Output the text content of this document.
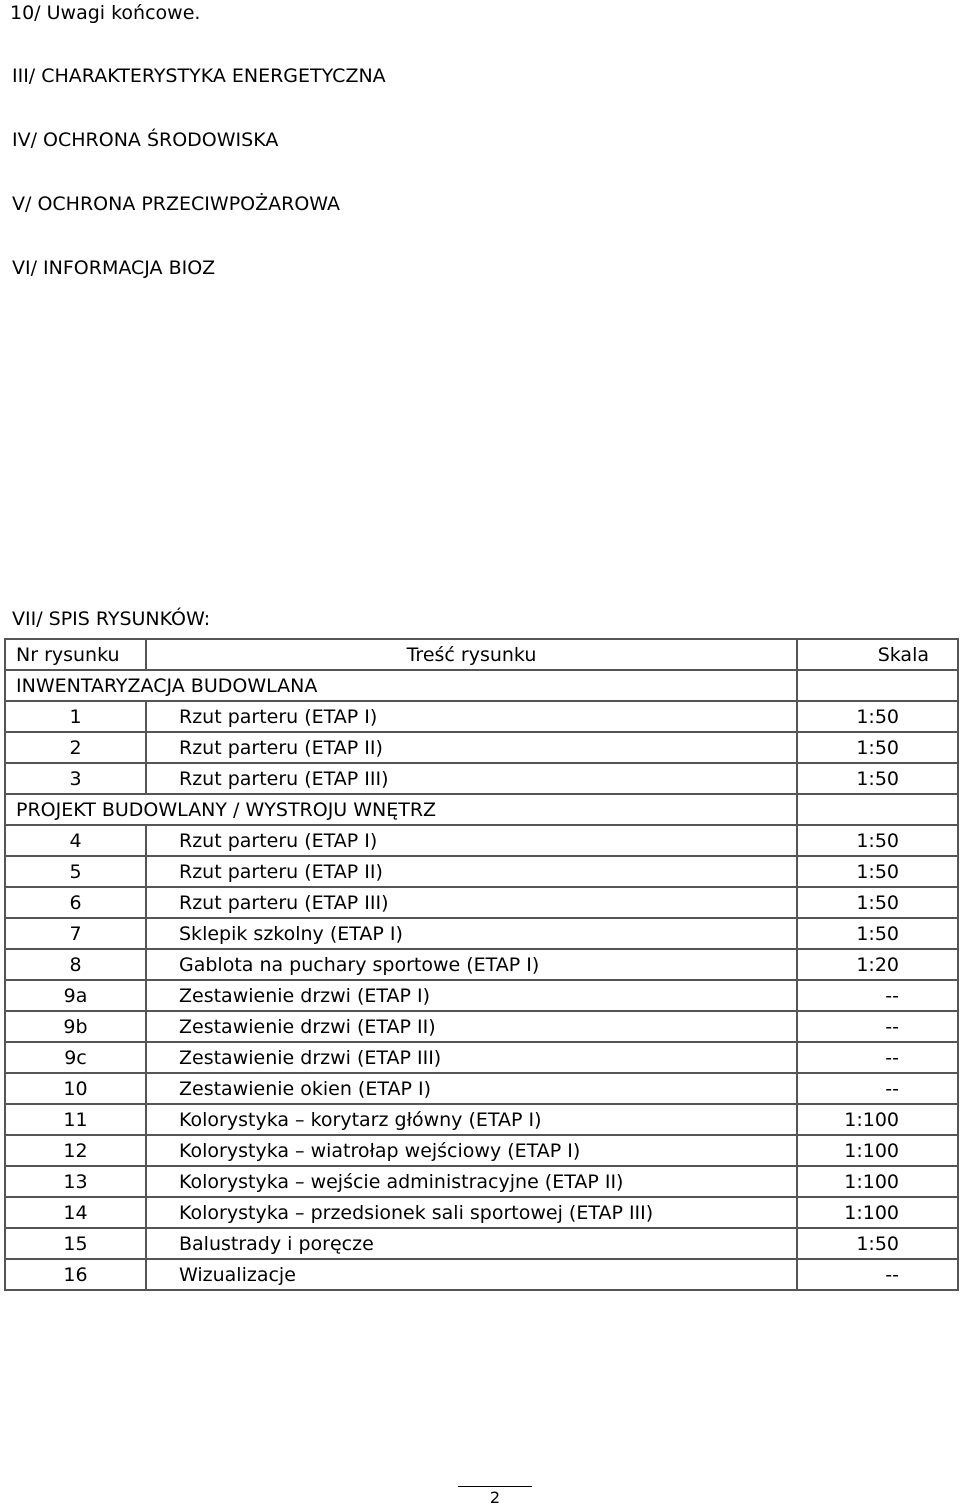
10/ Uwagi końcowe.
III/ CHARAKTERYSTYKA ENERGETYCZNA
IV/ OCHRONA ŚRODOWISKA
V/ OCHRONA PRZECIWPOŻAROWA
VI/ INFORMACJA BIOZ
VII/ SPIS RYSUNKÓW:
Nr rysunku	Treść rysunku	Skala
INWENTARYZACJA BUDOWLANA		
1	Rzut parteru (ETAP I)	1:50
2	Rzut parteru (ETAP II)	1:50
3	Rzut parteru (ETAP III)	1:50
PROJEKT BUDOWLANY / WYSTROJU WNĘTRZ		
4	Rzut parteru (ETAP I)	1:50
5	Rzut parteru (ETAP II)	1:50
6	Rzut parteru (ETAP III)	1:50
7	Sklepik szkolny (ETAP I)	1:50
8	Gablota na puchary sportowe (ETAP I)	1:20
9a	Zestawienie drzwi (ETAP I)	--
9b	Zestawienie drzwi (ETAP II)	--
9c	Zestawienie drzwi (ETAP III)	--
10	Zestawienie okien (ETAP I)	--
11	Kolorystyka – korytarz główny (ETAP I)	1:100
12	Kolorystyka – wiatrołap wejściowy (ETAP I)	1:100
13	Kolorystyka – wejście administracyjne (ETAP II)	1:100
14	Kolorystyka – przedsionek sali sportowej (ETAP III)	1:100
15	Balustrady i poręcze	1:50
16	Wizualizacje	--
2
